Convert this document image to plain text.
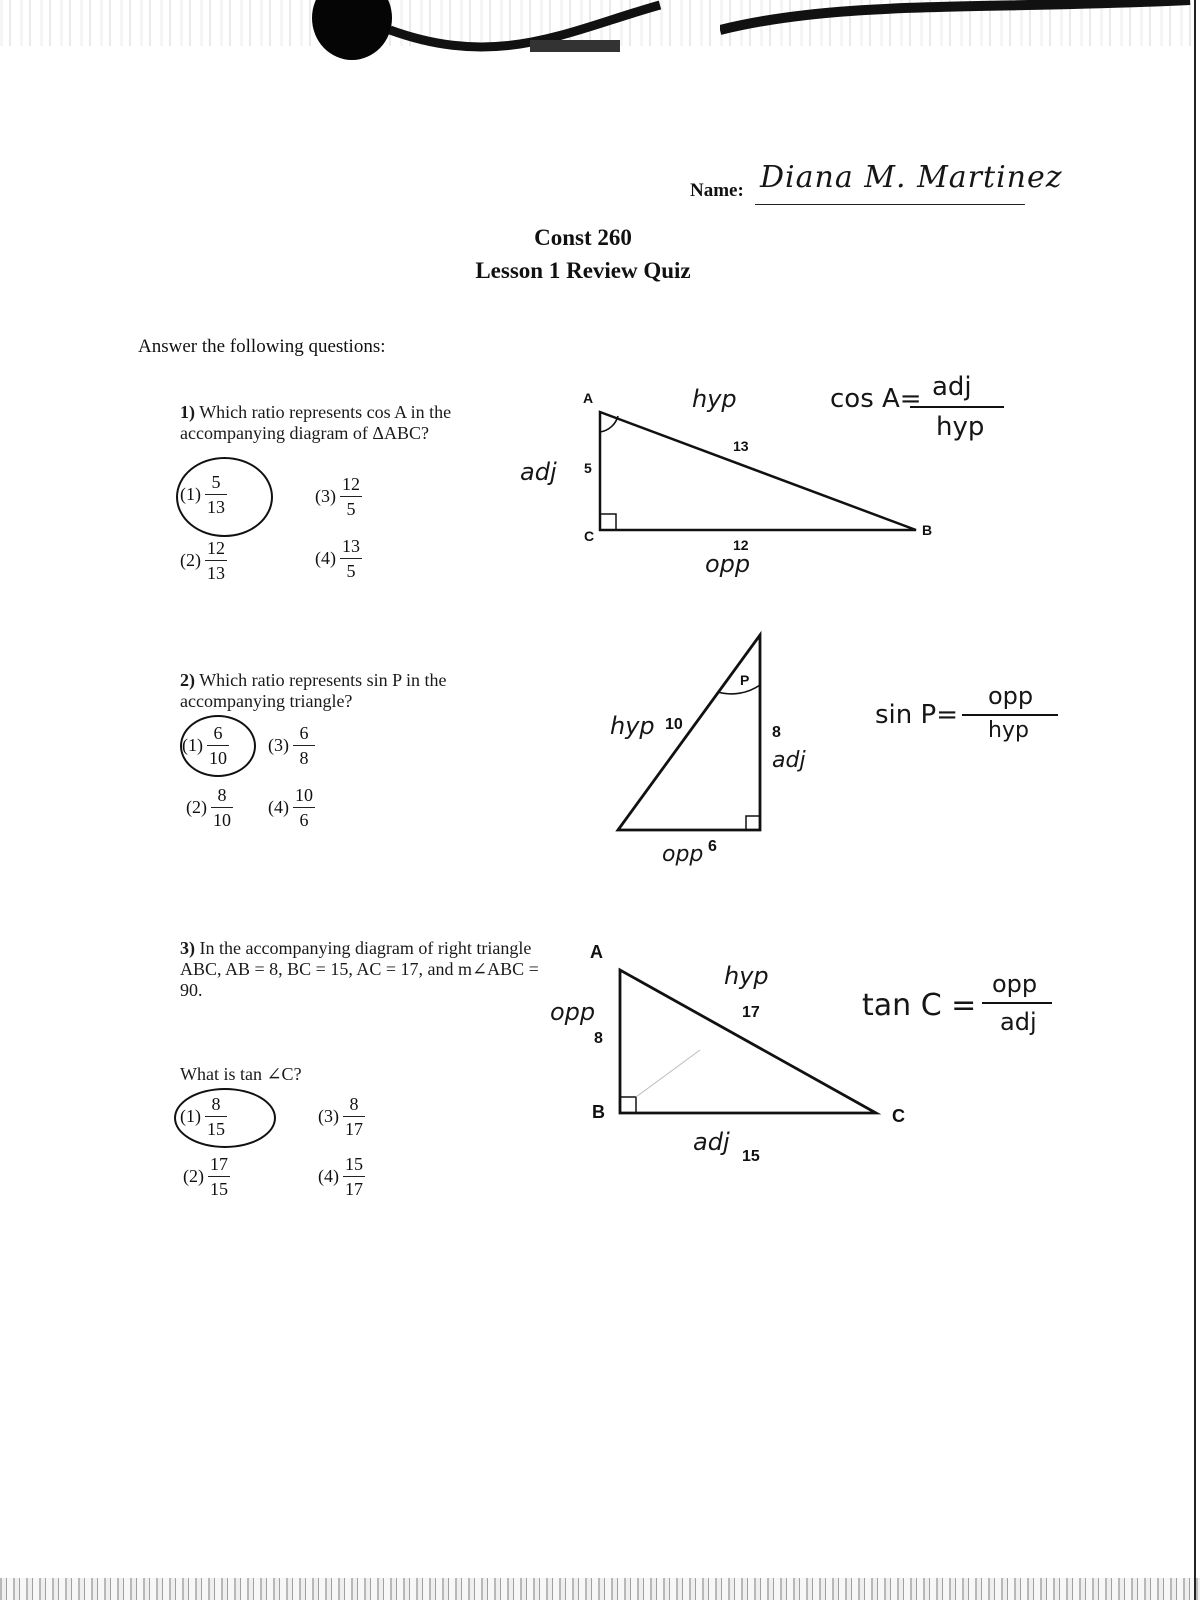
Name: Diana M. Martinez
Const 260
Lesson 1 Review Quiz
Answer the following questions:
1) Which ratio represents cos A in the accompanying diagram of ΔABC?
$(1) \frac{5}{13}$
$(2) \frac{12}{13}$
$(3) \frac{12}{5}$
$(4) \frac{13}{5}$
A
C	B
5
13
12
hyp
adj
opp
cos A= adj
hyp
2) Which ratio represents sin P in the accompanying triangle?
$(1) \frac{6}{10}$
$(2) \frac{8}{10}$
$(3) \frac{6}{8}$
$(4) \frac{10}{6}$
P
10	8
6
hyp
adj
opp
sin P=
opp
hyp
3) In the accompanying diagram of right triangle ABC, AB = 8, BC = 15, AC = 17, and m∠ABC = 90.
What is tan ∠C?
$(1) \frac{8}{15}$
$(2) \frac{17}{15}$
$(3) \frac{8}{17}$
$(4) \frac{15}{17}$
A
B	C
8
15
17
hyp
opp
adj
tan C =
opp
adj
